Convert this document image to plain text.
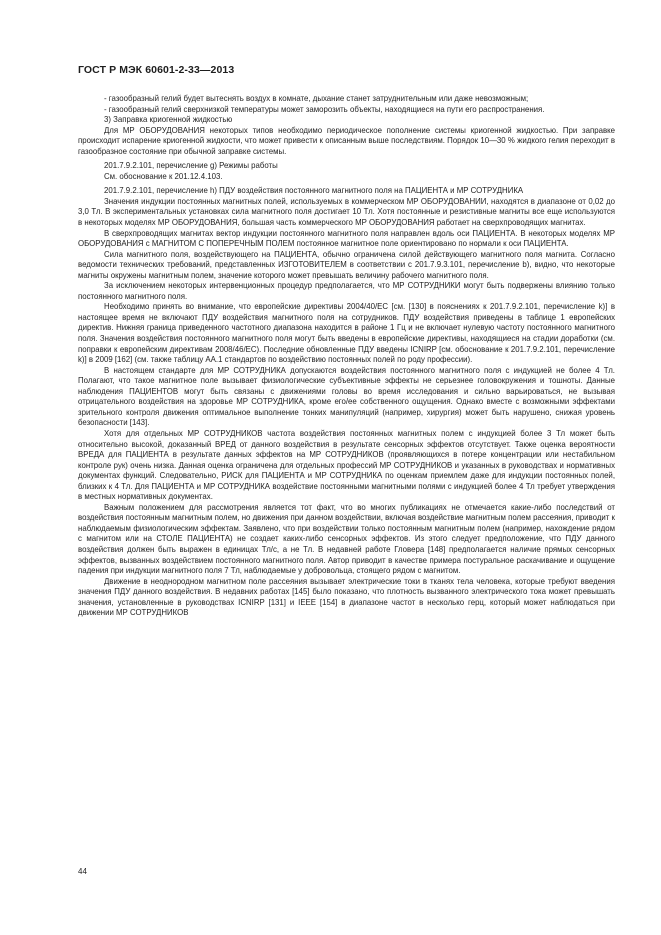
ГОСТ Р МЭК 60601-2-33—2013

- газообразный гелий будет вытеснять воздух в комнате, дыхание станет затруднительным или даже невозможным;

- газообразный гелий сверхнизкой температуры может заморозить объекты, находящиеся на пути его распространения.

3) Заправка криогенной жидкостью

Для МР ОБОРУДОВАНИЯ некоторых типов необходимо периодическое пополнение системы криогенной жидкостью. При заправке происходит испарение криогенной жидкости, что может привести к описанным выше последствиям. Порядок 10—30 % жидкого гелия переходит в газообразное состояние при обычной заправке системы.

201.7.9.2.101, перечисление g) Режимы работы

См. обоснование к 201.12.4.103.

201.7.9.2.101, перечисление h) ПДУ воздействия постоянного магнитного поля на ПАЦИЕНТА и МР СОТРУДНИКА

Значения индукции постоянных магнитных полей, используемых в коммерческом МР ОБОРУДОВАНИИ, находятся в диапазоне от 0,02 до 3,0 Тл. В экспериментальных установках сила магнитного поля достигает 10 Тл. Хотя постоянные и резистивные магниты все еще используются в некоторых моделях МР ОБОРУДОВАНИЯ, большая часть коммерческого МР ОБОРУДОВАНИЯ работает на сверхпроводящих магнитах.

В сверхпроводящих магнитах вектор индукции постоянного магнитного поля направлен вдоль оси ПАЦИЕНТА. В некоторых моделях МР ОБОРУДОВАНИЯ с МАГНИТОМ С ПОПЕРЕЧНЫМ ПОЛЕМ постоянное магнитное поле ориентировано по нормали к оси ПАЦИЕНТА.

Сила магнитного поля, воздействующего на ПАЦИЕНТА, обычно ограничена силой действующего магнитного поля магнита. Согласно ведомости технических требований, представленных ИЗГОТОВИТЕЛЕМ в соответствии с 201.7.9.3.101, перечисление b), видно, что некоторые магниты окружены магнитным полем, значение которого может превышать величину рабочего магнитного поля.

За исключением некоторых интервенционных процедур предполагается, что МР СОТРУДНИКИ могут быть подвержены влиянию только постоянного магнитного поля.

Необходимо принять во внимание, что европейские директивы 2004/40/ЕС [см. [130] в пояснениях к 201.7.9.2.101, перечисление k)] в настоящее время не включают ПДУ воздействия магнитного поля на сотрудников. ПДУ воздействия приведены в таблице 1 европейских директив. Нижняя граница приведенного частотного диапазона находится в районе 1 Гц и не включает нулевую частоту постоянного магнитного поля. Значения воздействия постоянного магнитного поля могут быть введены в европейские директивы, находящиеся на стадии доработки (см. поправки к европейским директивам 2008/46/ЕС). Последние обновленные ПДУ введены ICNIRP [см. обоснование к 201.7.9.2.101, перечисление k)] в 2009 [162] (см. также таблицу АА.1 стандартов по воздействию постоянных полей по роду профессии).

В настоящем стандарте для МР СОТРУДНИКА допускаются воздействия постоянного магнитного поля с индукцией не более 4 Тл. Полагают, что такое магнитное поле вызывает физиологические субъективные эффекты не серьезнее головокружения и тошноты. Данные наблюдения ПАЦИЕНТОВ могут быть связаны с движениями головы во время исследования и сильно варьироваться, не вызывая отрицательного воздействия на здоровье МР СОТРУДНИКА, кроме его/ее собственного ощущения. Однако вместе с возможными эффектами зрительного контроля движения оптимальное выполнение тонких манипуляций (например, хирургия) может быть нарушено, снижая уровень безопасности [143].

Хотя для отдельных МР СОТРУДНИКОВ частота воздействия постоянных магнитных полем с индукцией более 3 Тл может быть относительно высокой, доказанный ВРЕД от данного воздействия в результате сенсорных эффектов отсутствует. Также оценка вероятности ВРЕДА для ПАЦИЕНТА в результате данных эффектов на МР СОТРУДНИКОВ (проявляющихся в потере концентрации или нестабильном контроле рук) очень низка. Данная оценка ограничена для отдельных профессий МР СОТРУДНИКОВ и указанных в руководствах и нормативных документах функций. Следовательно, РИСК для ПАЦИЕНТА и МР СОТРУДНИКА по оценкам приемлем даже для индукции постоянных полей, близких к 4 Тл. Для ПАЦИЕНТА и МР СОТРУДНИКА воздействие постоянными магнитными полями с индукцией более 4 Тл требует утверждения в местных нормативных документах.

Важным положением для рассмотрения является тот факт, что во многих публикациях не отмечается какие-либо последствий от воздействия постоянным магнитным полем, но движения при данном воздействии, включая воздействие магнитным полем рассеяния, приводит к наблюдаемым физиологическим эффектам. Заявлено, что при воздействии только постоянным магнитным полем (например, нахождение рядом с магнитом или на СТОЛЕ ПАЦИЕНТА) не создает каких-либо сенсорных эффектов. Из этого следует предположение, что ПДУ данного воздействия должен быть выражен в единицах Тл/с, а не Тл. В недавней работе Гловера [148] предполагается наличие прямых сенсорных эффектов, вызванных воздействием постоянного магнитного поля. Автор приводит в качестве примера постуральное раскачивание и ощущение падения при индукции магнитного поля 7 Тл, наблюдаемые у добровольца, стоящего рядом с магнитом.

Движение в неоднородном магнитном поле рассеяния вызывает электрические токи в тканях тела человека, которые требуют введения значения ПДУ данного воздействия. В недавних работах [145] было показано, что плотность вызванного электрического тока может превышать значения, установленные в руководствах ICNIRP [131] и IEEE [154] в диапазоне частот в несколько герц, который может наблюдаться при движении МР СОТРУДНИКОВ

44
